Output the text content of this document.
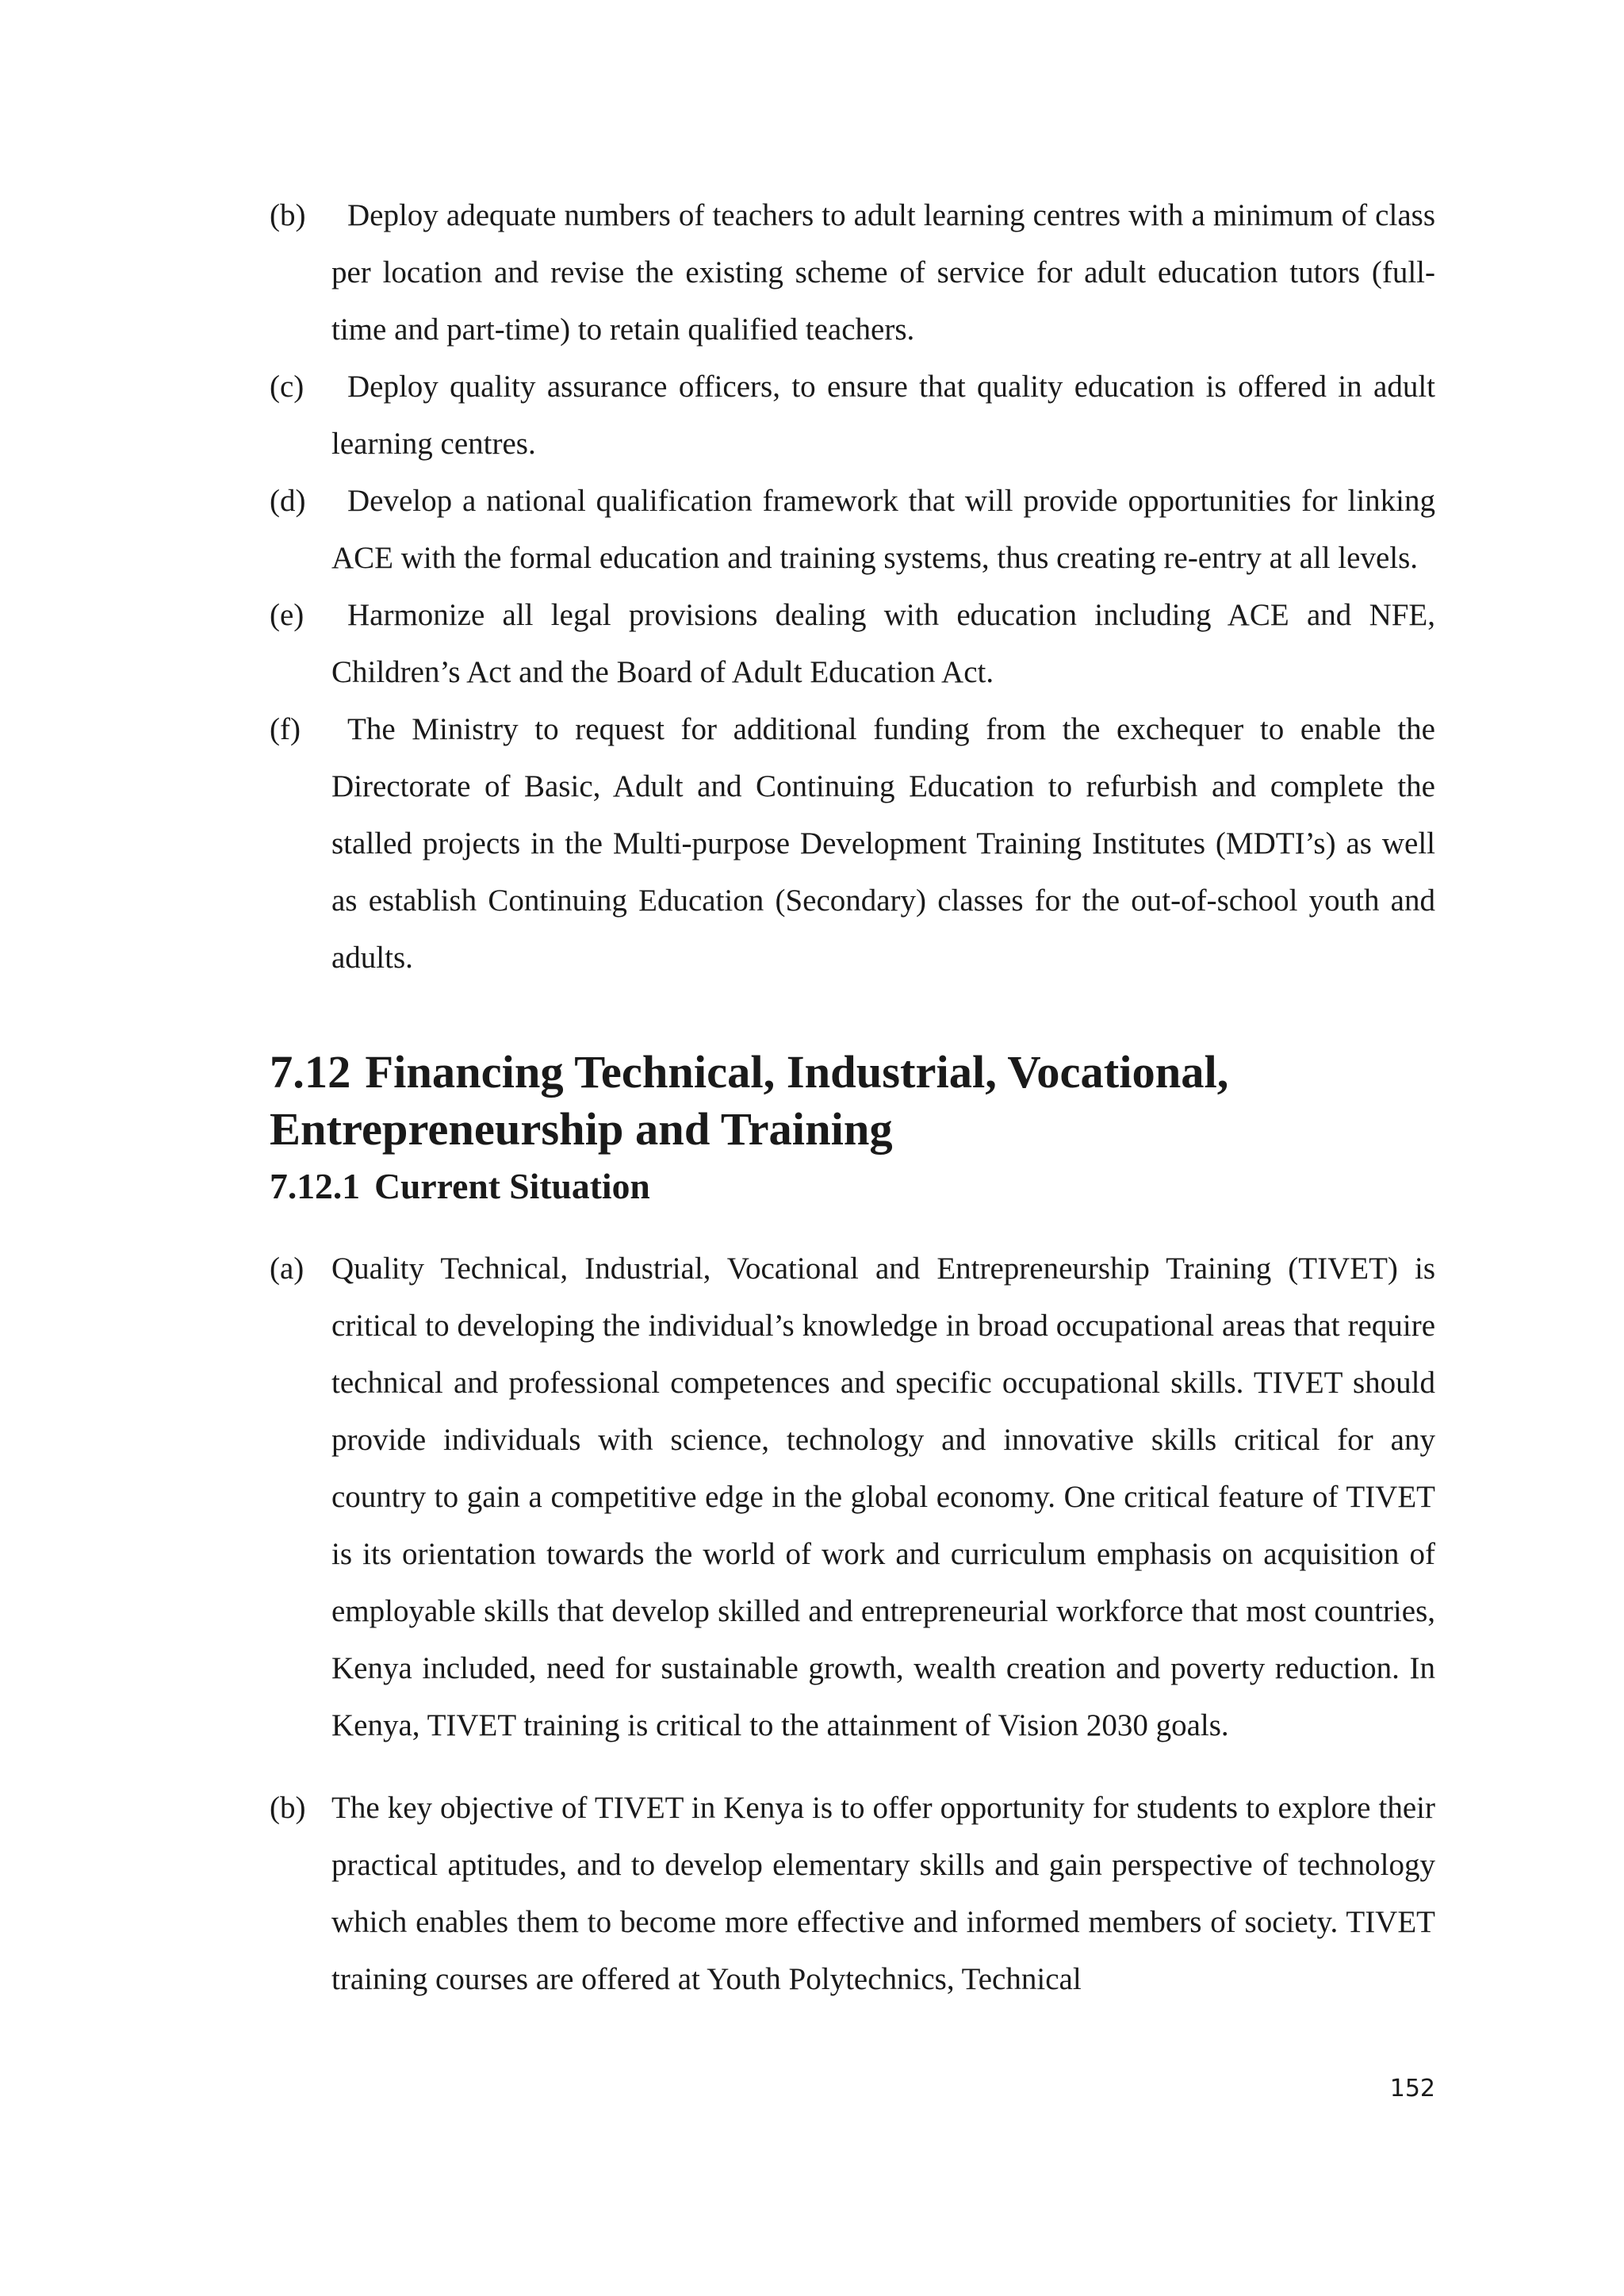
(b)	Deploy adequate numbers of teachers to adult learning centres with a minimum of class per location and revise the existing scheme of service for adult education tutors (full-time and part-time) to retain qualified teachers.
(c)	Deploy quality assurance officers, to ensure that quality education is offered in adult learning centres.
(d)	Develop a national qualification framework that will provide opportunities for linking ACE with the formal education and training systems, thus creating re-entry at all levels.
(e)	Harmonize all legal provisions dealing with education including ACE and NFE, Children’s Act and the Board of Adult Education Act.
(f)	The Ministry to request for additional funding from the exchequer to enable the Directorate of Basic, Adult and Continuing Education to refurbish and complete the stalled projects in the Multi-purpose Development Training Institutes (MDTI’s) as well as establish Continuing Education (Secondary) classes for the out-of-school youth and adults.
7.12 Financing Technical, Industrial, Vocational, Entrepreneurship and Training
7.12.1 Current Situation
(a) Quality Technical, Industrial, Vocational and Entrepreneurship Training (TIVET) is critical to developing the individual’s knowledge in broad occupational areas that require technical and professional competences and specific occupational skills. TIVET should provide individuals with science, technology and innovative skills critical for any country to gain a competitive edge in the global economy. One critical feature of TIVET is its orientation towards the world of work and curriculum emphasis on acquisition of employable skills that develop skilled and entrepreneurial workforce that most countries, Kenya included, need for sustainable growth, wealth creation and poverty reduction. In Kenya, TIVET training is critical to the attainment of Vision 2030 goals.
(b) The key objective of TIVET in Kenya is to offer opportunity for students to explore their practical aptitudes, and to develop elementary skills and gain perspective of technology which enables them to become more effective and informed members of society. TIVET training courses are offered at Youth Polytechnics, Technical
152
